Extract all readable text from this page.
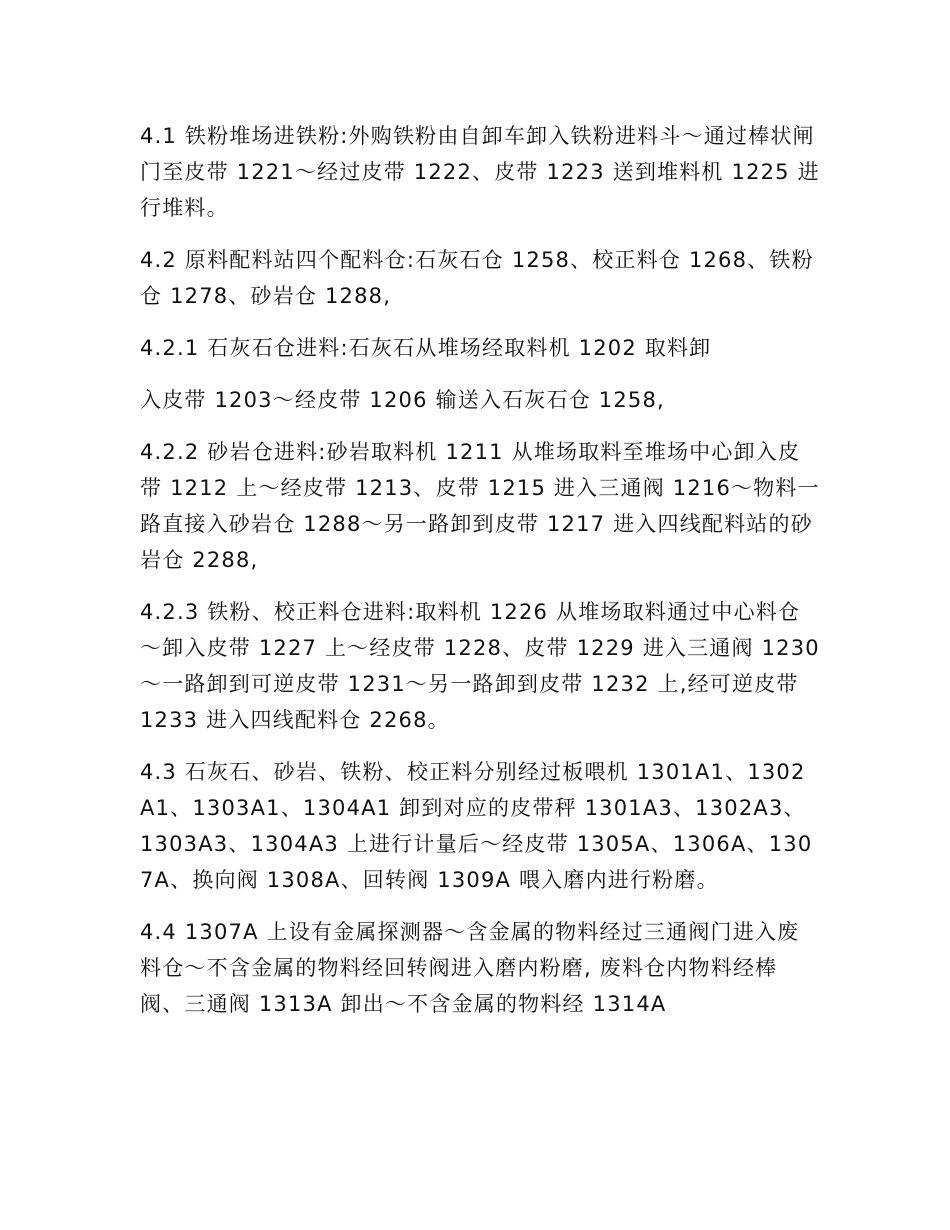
4.1 铁粉堆场进铁粉:外购铁粉由自卸车卸入铁粉进料斗～通过棒状闸门至皮带 1221～经过皮带 1222、皮带 1223 送到堆料机 1225 进行堆料。

4.2 原料配料站四个配料仓:石灰石仓 1258、校正料仓 1268、铁粉仓 1278、砂岩仓 1288,

4.2.1 石灰石仓进料:石灰石从堆场经取料机 1202 取料卸

入皮带 1203～经皮带 1206 输送入石灰石仓 1258,

4.2.2 砂岩仓进料:砂岩取料机 1211 从堆场取料至堆场中心卸入皮带 1212 上～经皮带 1213、皮带 1215 进入三通阀 1216～物料一路直接入砂岩仓 1288～另一路卸到皮带 1217 进入四线配料站的砂岩仓 2288,

4.2.3 铁粉、校正料仓进料:取料机 1226 从堆场取料通过中心料仓～卸入皮带 1227 上～经皮带 1228、皮带 1229 进入三通阀 1230～一路卸到可逆皮带 1231～另一路卸到皮带 1232 上,经可逆皮带 1233 进入四线配料仓 2268。

4.3 石灰石、砂岩、铁粉、校正料分别经过板喂机 1301A1、1302A1、1303A1、1304A1 卸到对应的皮带秤 1301A3、1302A3、1303A3、1304A3 上进行计量后～经皮带 1305A、1306A、1307A、换向阀 1308A、回转阀 1309A 喂入磨内进行粉磨。

4.4 1307A 上设有金属探测器～含金属的物料经过三通阀门进入废料仓～不含金属的物料经回转阀进入磨内粉磨, 废料仓内物料经棒阀、三通阀 1313A 卸出～不含金属的物料经 1314A
